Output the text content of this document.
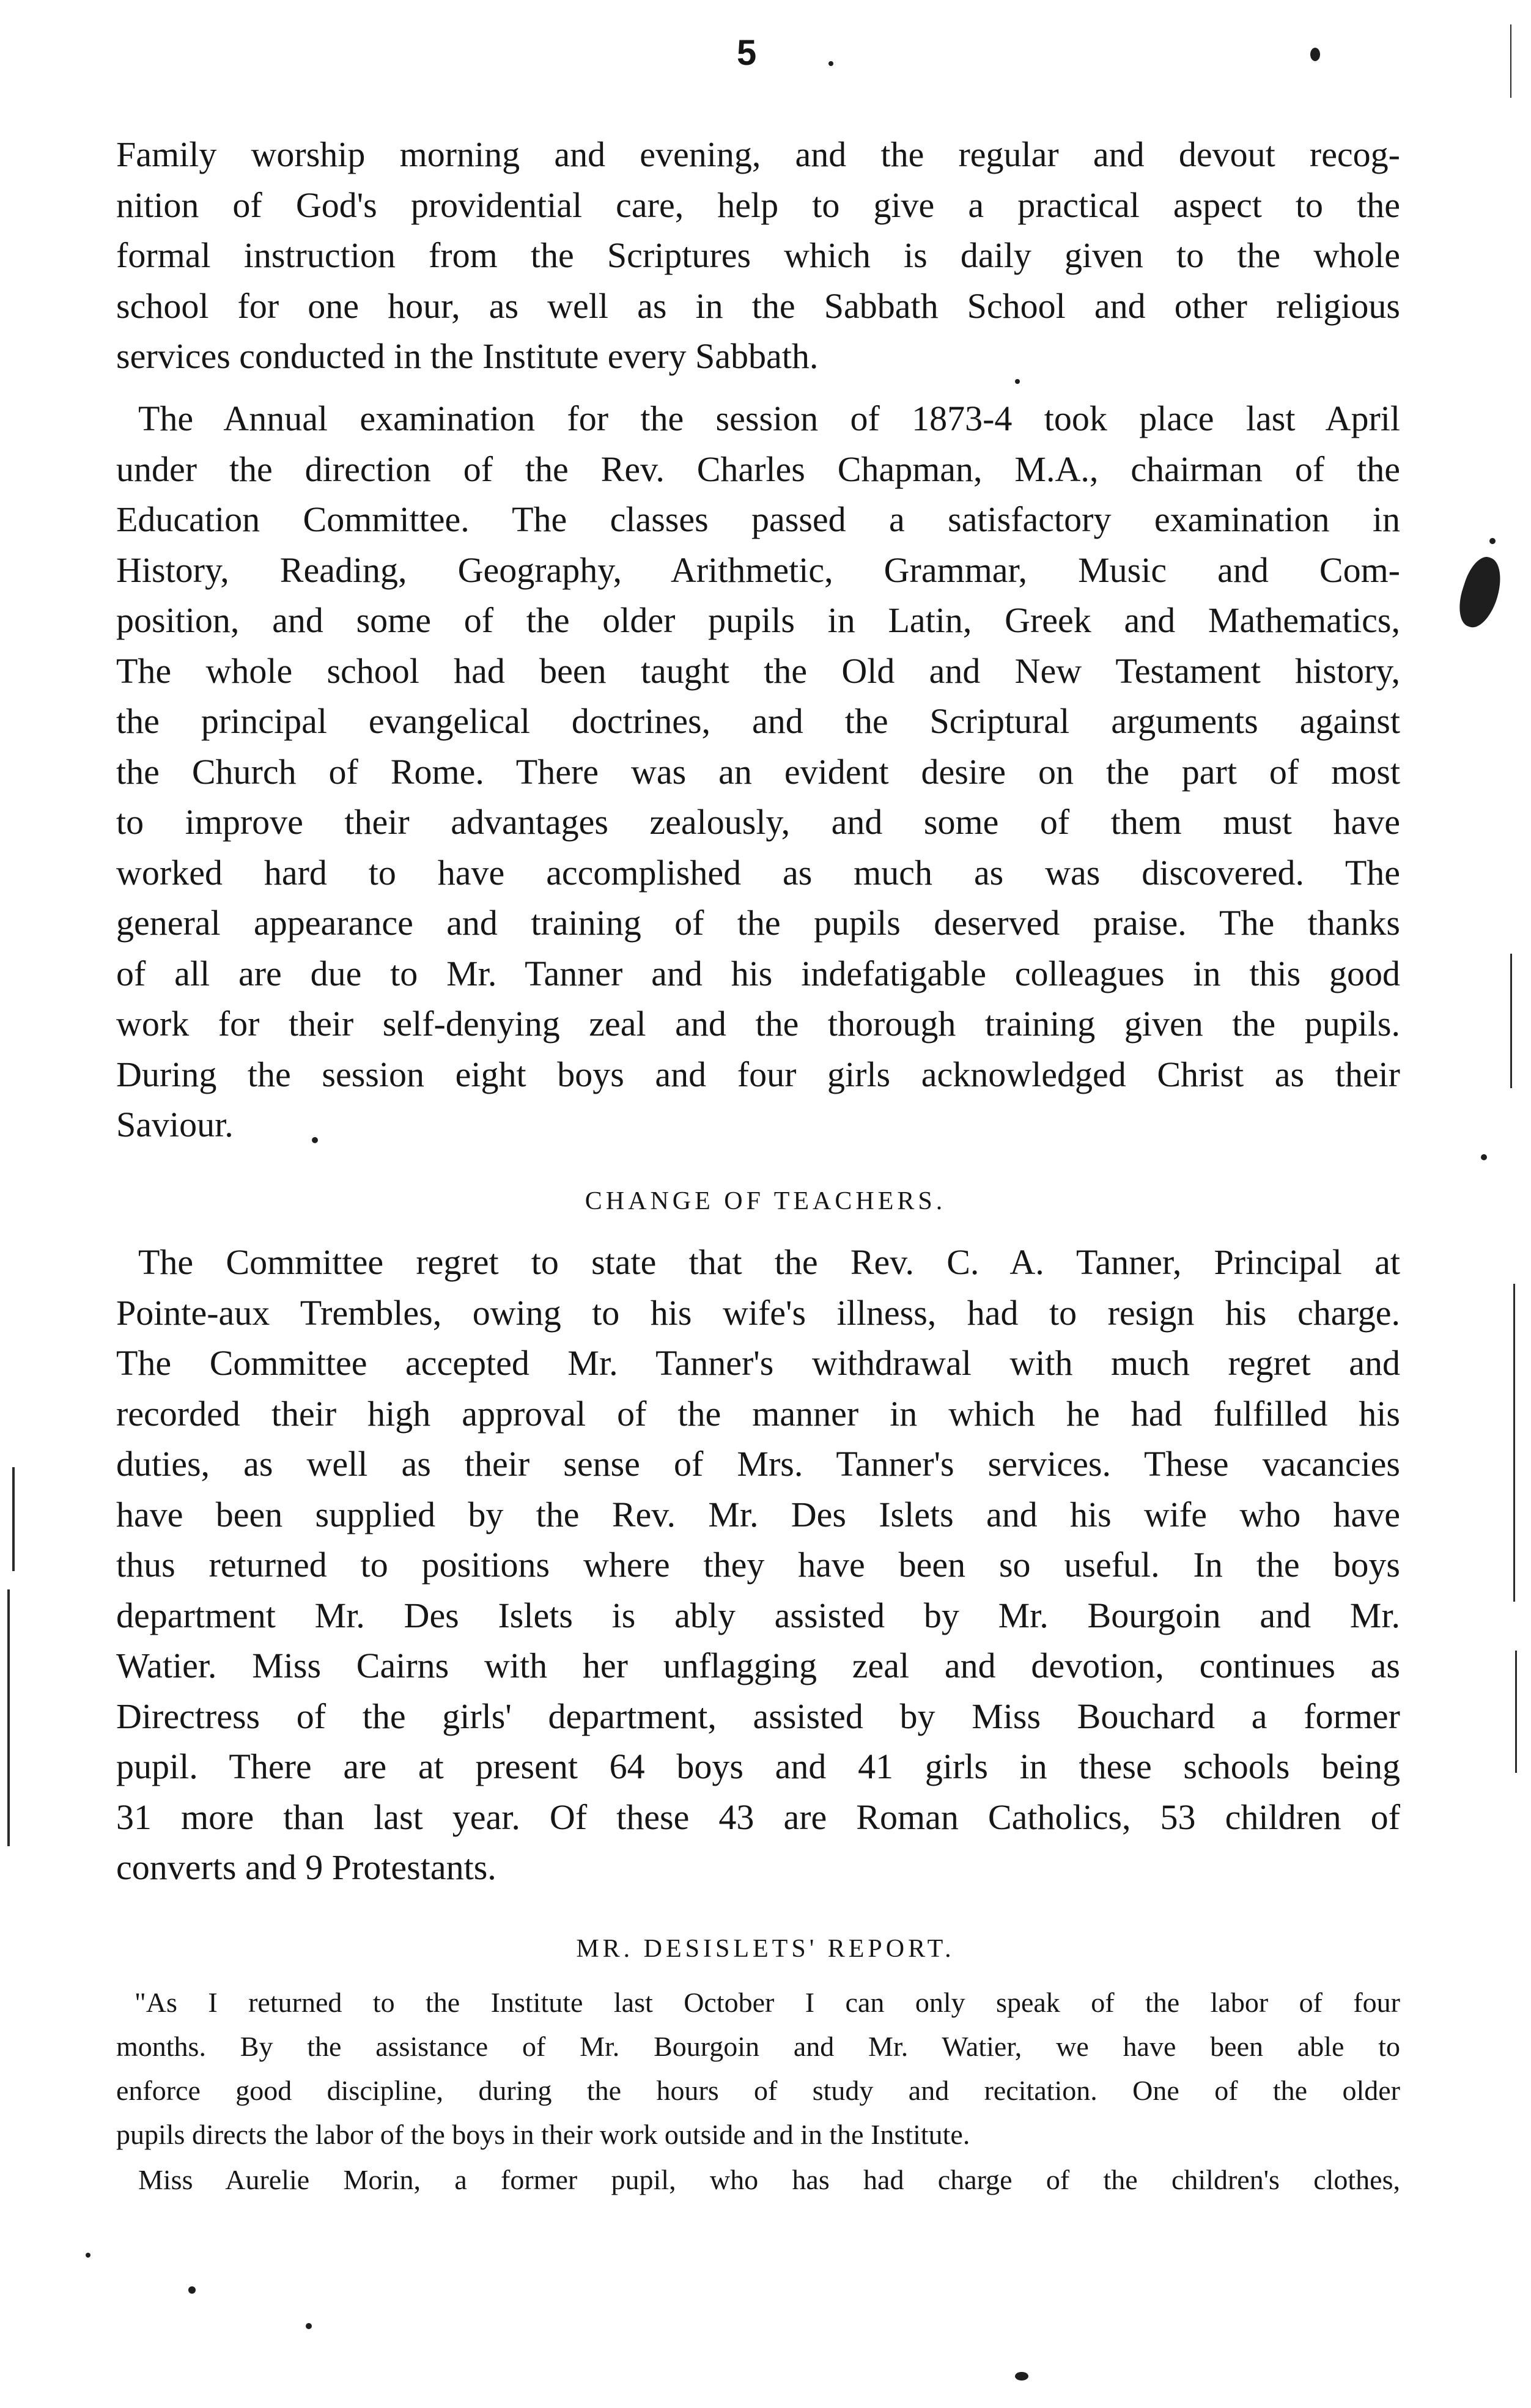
5

Family worship morning and evening, and the regular and devout recog-
nition of God's providential care, help to give a practical aspect to the
formal instruction from the Scriptures which is daily given to the whole
school for one hour, as well as in the Sabbath School and other religious
services conducted in the Institute every Sabbath.

The Annual examination for the session of 1873-4 took place last April
under the direction of the Rev. Charles Chapman, M.A., chairman of the
Education Committee. The classes passed a satisfactory examination in
History, Reading, Geography, Arithmetic, Grammar, Music and Com-
position, and some of the older pupils in Latin, Greek and Mathematics,
The whole school had been taught the Old and New Testament history,
the principal evangelical doctrines, and the Scriptural arguments against
the Church of Rome. There was an evident desire on the part of most
to improve their advantages zealously, and some of them must have
worked hard to have accomplished as much as was discovered. The
general appearance and training of the pupils deserved praise. The thanks
of all are due to Mr. Tanner and his indefatigable colleagues in this good
work for their self-denying zeal and the thorough training given the pupils.
During the session eight boys and four girls acknowledged Christ as their
Saviour.

CHANGE OF TEACHERS.

The Committee regret to state that the Rev. C. A. Tanner, Principal at
Pointe-aux Trembles, owing to his wife's illness, had to resign his charge.
The Committee accepted Mr. Tanner's withdrawal with much regret and
recorded their high approval of the manner in which he had fulfilled his
duties, as well as their sense of Mrs. Tanner's services. These vacancies
have been supplied by the Rev. Mr. Des Islets and his wife who have
thus returned to positions where they have been so useful. In the boys
department Mr. Des Islets is ably assisted by Mr. Bourgoin and Mr.
Watier. Miss Cairns with her unflagging zeal and devotion, continues as
Directress of the girls' department, assisted by Miss Bouchard a former
pupil. There are at present 64 boys and 41 girls in these schools being
31 more than last year. Of these 43 are Roman Catholics, 53 children of
converts and 9 Protestants.

MR. DESISLETS' REPORT.

"As I returned to the Institute last October I can only speak of the labor of four
months. By the assistance of Mr. Bourgoin and Mr. Watier, we have been able to
enforce good discipline, during the hours of study and recitation. One of the older
pupils directs the labor of the boys in their work outside and in the Institute.

Miss Aurelie Morin, a former pupil, who has had charge of the children's clothes,
